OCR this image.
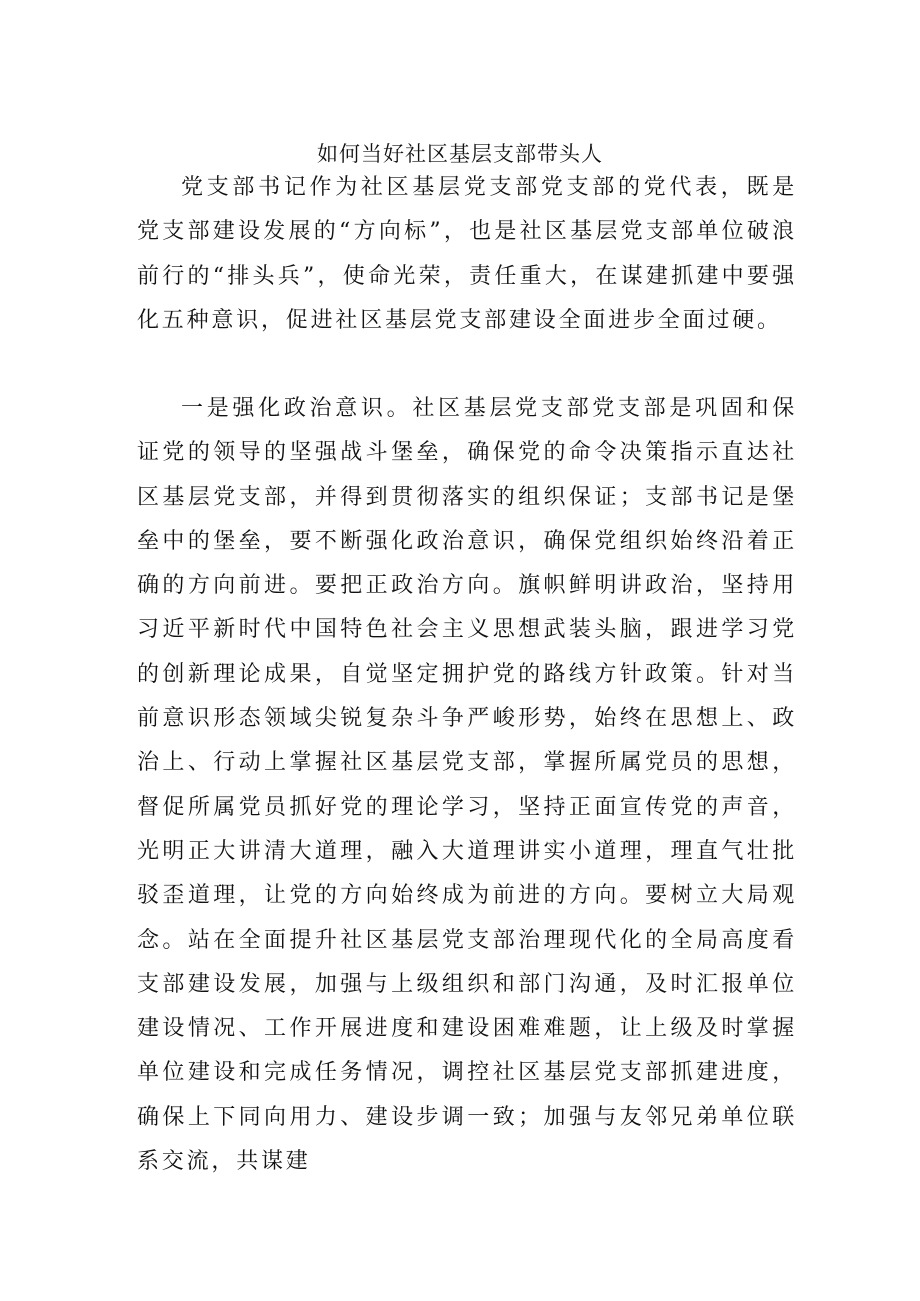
如何当好社区基层支部带头人

党支部书记作为社区基层党支部党支部的党代表，既是党支部建设发展的“方向标”，也是社区基层党支部单位破浪前行的“排头兵”，使命光荣，责任重大，在谋建抓建中要强化五种意识，促进社区基层党支部建设全面进步全面过硬。

一是强化政治意识。社区基层党支部党支部是巩固和保证党的领导的坚强战斗堡垒，确保党的命令决策指示直达社区基层党支部，并得到贯彻落实的组织保证；支部书记是堡垒中的堡垒，要不断强化政治意识，确保党组织始终沿着正确的方向前进。要把正政治方向。旗帜鲜明讲政治，坚持用习近平新时代中国特色社会主义思想武装头脑，跟进学习党的创新理论成果，自觉坚定拥护党的路线方针政策。针对当前意识形态领域尖锐复杂斗争严峻形势，始终在思想上、政治上、行动上掌握社区基层党支部，掌握所属党员的思想，督促所属党员抓好党的理论学习，坚持正面宣传党的声音，光明正大讲清大道理，融入大道理讲实小道理，理直气壮批驳歪道理，让党的方向始终成为前进的方向。要树立大局观念。站在全面提升社区基层党支部治理现代化的全局高度看支部建设发展，加强与上级组织和部门沟通，及时汇报单位建设情况、工作开展进度和建设困难难题，让上级及时掌握单位建设和完成任务情况，调控社区基层党支部抓建进度，确保上下同向用力、建设步调一致；加强与友邻兄弟单位联系交流，共谋建
